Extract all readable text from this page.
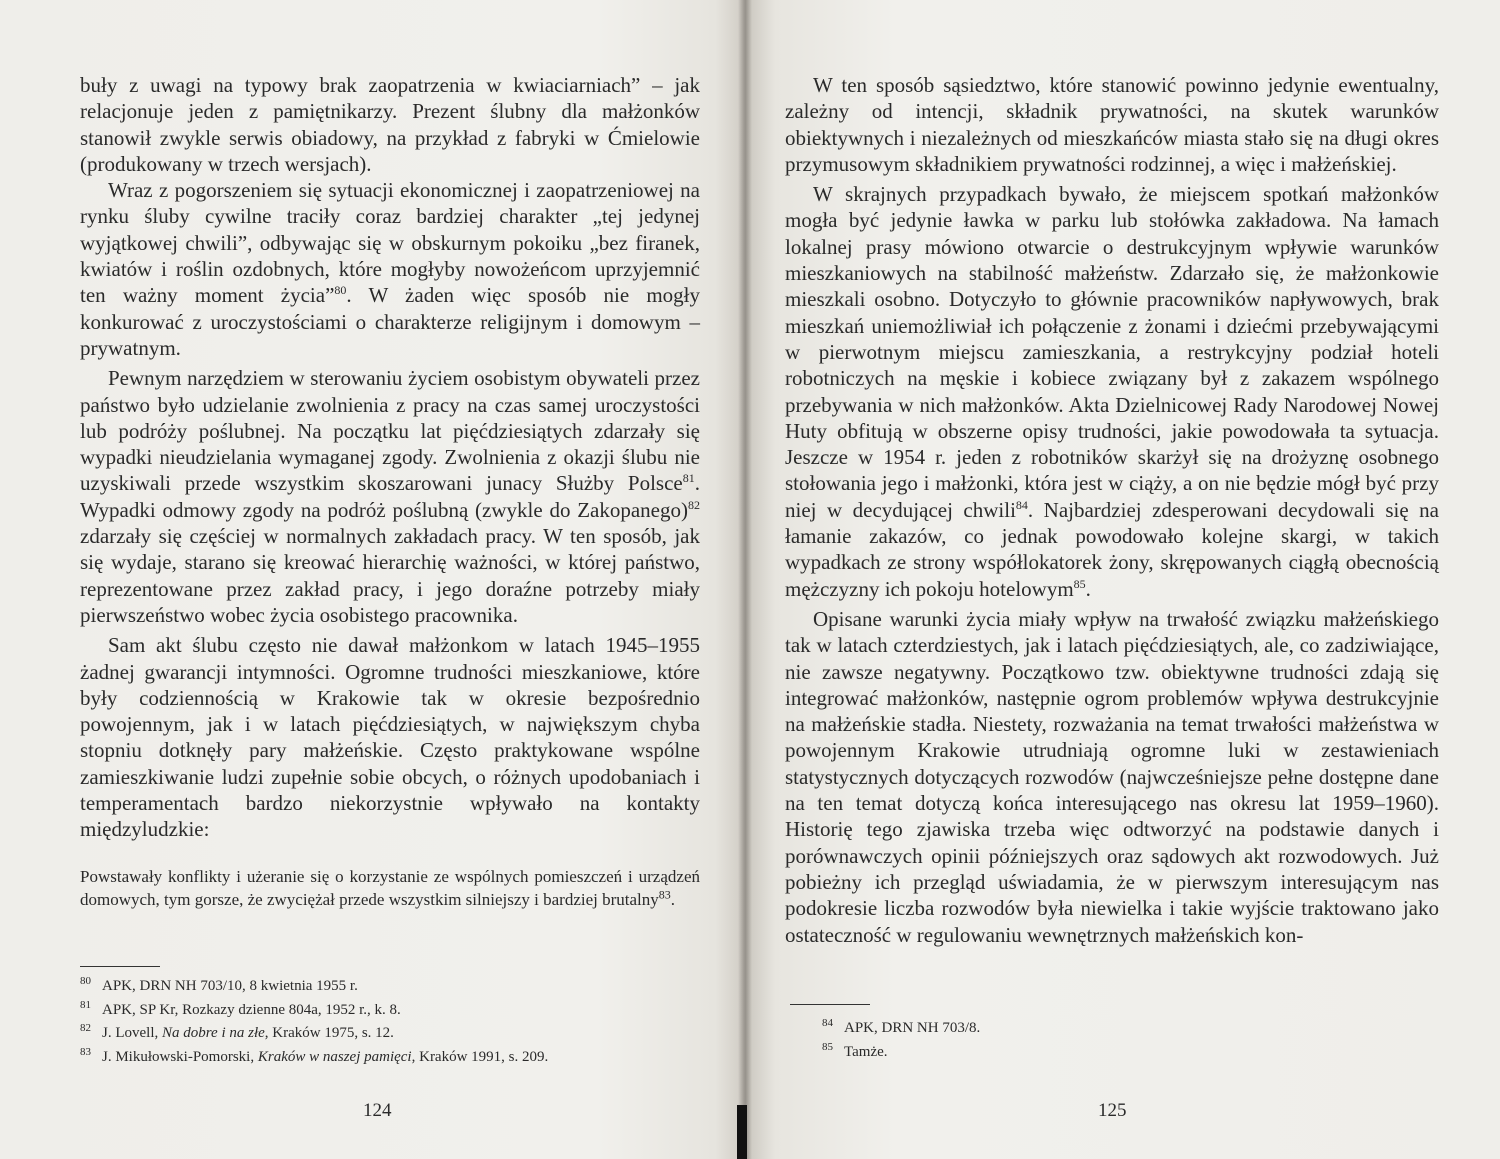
buły z uwagi na typowy brak zaopatrzenia w kwiaciarniach” – jak relacjonuje jeden z pamiętnikarzy. Prezent ślubny dla małżonków stanowił zwykle serwis obiadowy, na przykład z fabryki w Ćmielowie (produkowany w trzech wersjach).

Wraz z pogorszeniem się sytuacji ekonomicznej i zaopatrzeniowej na rynku śluby cywilne traciły coraz bardziej charakter „tej jedynej wyjątkowej chwili”, odbywając się w obskurnym pokoiku „bez firanek, kwiatów i roślin ozdobnych, które mogłyby nowożeńcom uprzyjemnić ten ważny moment życia”$^{80}$. W żaden więc sposób nie mogły konkurować z uroczystościami o charakterze religijnym i domowym – prywatnym.

Pewnym narzędziem w sterowaniu życiem osobistym obywateli przez państwo było udzielanie zwolnienia z pracy na czas samej uroczystości lub podróży poślubnej. Na początku lat pięćdziesiątych zdarzały się wypadki nieudzielania wymaganej zgody. Zwolnienia z okazji ślubu nie uzyskiwali przede wszystkim skoszarowani junacy Służby Polsce$^{81}$. Wypadki odmowy zgody na podróż poślubną (zwykle do Zakopanego)$^{82}$ zdarzały się częściej w normalnych zakładach pracy. W ten sposób, jak się wydaje, starano się kreować hierarchię ważności, w której państwo, reprezentowane przez zakład pracy, i jego doraźne potrzeby miały pierwszeństwo wobec życia osobistego pracownika.

Sam akt ślubu często nie dawał małżonkom w latach 1945–1955 żadnej gwarancji intymności. Ogromne trudności mieszkaniowe, które były codziennością w Krakowie tak w okresie bezpośrednio powojennym, jak i w latach pięćdziesiątych, w największym chyba stopniu dotknęły pary małżeńskie. Często praktykowane wspólne zamieszkiwanie ludzi zupełnie sobie obcych, o różnych upodobaniach i temperamentach bardzo niekorzystnie wpływało na kontakty międzyludzkie:

Powstawały konflikty i użeranie się o korzystanie ze wspólnych pomieszczeń i urządzeń domowych, tym gorsze, że zwyciężał przede wszystkim silniejszy i bardziej brutalny$^{83}$.

80 APK, DRN NH 703/10, 8 kwietnia 1955 r.
81 APK, SP Kr, Rozkazy dzienne 804a, 1952 r., k. 8.
82 J. Lovell, Na dobre i na złe, Kraków 1975, s. 12.
83 J. Mikułowski-Pomorski, Kraków w naszej pamięci, Kraków 1991, s. 209.
124

W ten sposób sąsiedztwo, które stanowić powinno jedynie ewentualny, zależny od intencji, składnik prywatności, na skutek warunków obiektywnych i niezależnych od mieszkańców miasta stało się na długi okres przymusowym składnikiem prywatności rodzinnej, a więc i małżeńskiej.

W skrajnych przypadkach bywało, że miejscem spotkań małżonków mogła być jedynie ławka w parku lub stołówka zakładowa. Na łamach lokalnej prasy mówiono otwarcie o destrukcyjnym wpływie warunków mieszkaniowych na stabilność małżeństw. Zdarzało się, że małżonkowie mieszkali osobno. Dotyczyło to głównie pracowników napływowych, brak mieszkań uniemożliwiał ich połączenie z żonami i dziećmi przebywającymi w pierwotnym miejscu zamieszkania, a restrykcyjny podział hoteli robotniczych na męskie i kobiece związany był z zakazem wspólnego przebywania w nich małżonków. Akta Dzielnicowej Rady Narodowej Nowej Huty obfitują w obszerne opisy trudności, jakie powodowała ta sytuacja. Jeszcze w 1954 r. jeden z robotników skarżył się na drożyznę osobnego stołowania jego i małżonki, która jest w ciąży, a on nie będzie mógł być przy niej w decydującej chwili$^{84}$. Najbardziej zdesperowani decydowali się na łamanie zakazów, co jednak powodowało kolejne skargi, w takich wypadkach ze strony współlokatorek żony, skrępowanych ciągłą obecnością mężczyzny ich pokoju hotelowym$^{85}$.

Opisane warunki życia miały wpływ na trwałość związku małżeńskiego tak w latach czterdziestych, jak i latach pięćdziesiątych, ale, co zadziwiające, nie zawsze negatywny. Początkowo tzw. obiektywne trudności zdają się integrować małżonków, następnie ogrom problemów wpływa destrukcyjnie na małżeńskie stadła. Niestety, rozważania na temat trwałości małżeństwa w powojennym Krakowie utrudniają ogromne luki w zestawieniach statystycznych dotyczących rozwodów (najwcześniejsze pełne dostępne dane na ten temat dotyczą końca interesującego nas okresu lat 1959–1960). Historię tego zjawiska trzeba więc odtworzyć na podstawie danych i porównawczych opinii późniejszych oraz sądowych akt rozwodowych. Już pobieżny ich przegląd uświadamia, że w pierwszym interesującym nas podokresie liczba rozwodów była niewielka i takie wyjście traktowano jako ostateczność w regulowaniu wewnętrznych małżeńskich kon-

84 APK, DRN NH 703/8.
85 Tamże.
125
